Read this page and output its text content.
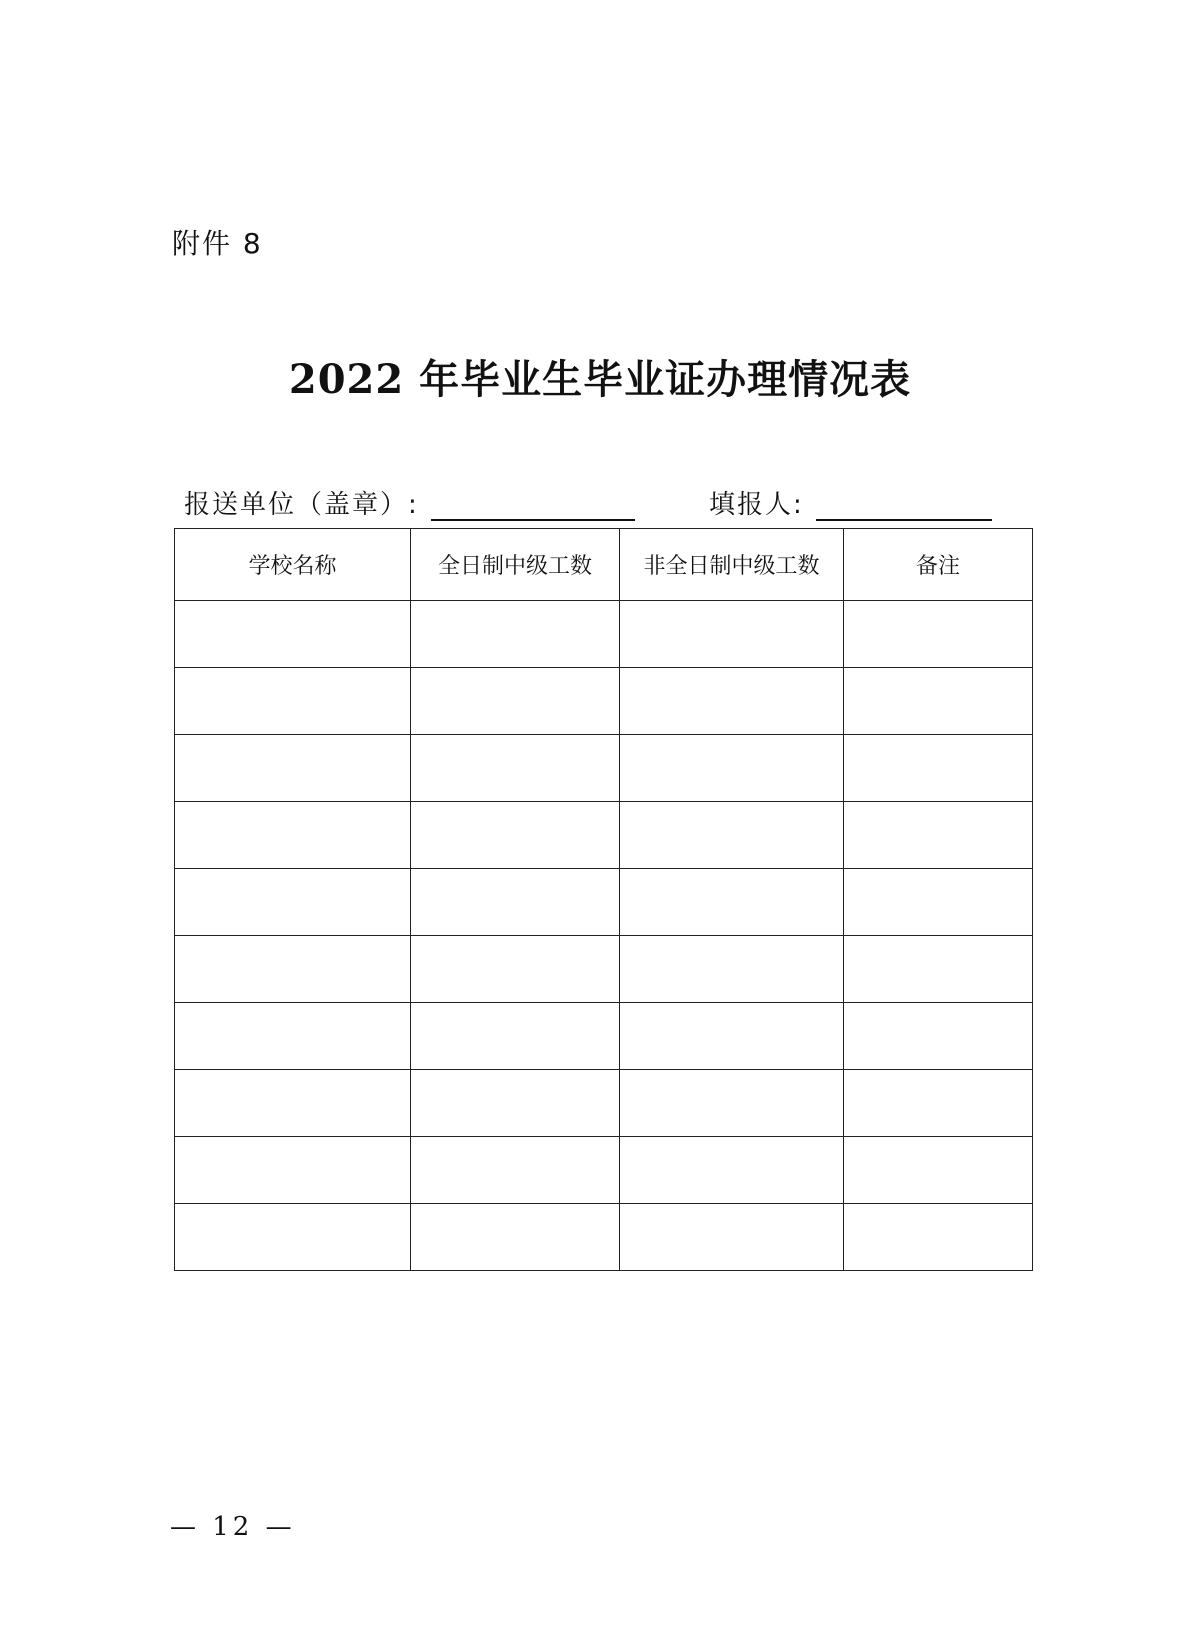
附件 8
2022 年毕业生毕业证办理情况表
报送单位（盖章）:	填报人:
学校名称	全日制中级工数	非全日制中级工数	备注

— 12 —
